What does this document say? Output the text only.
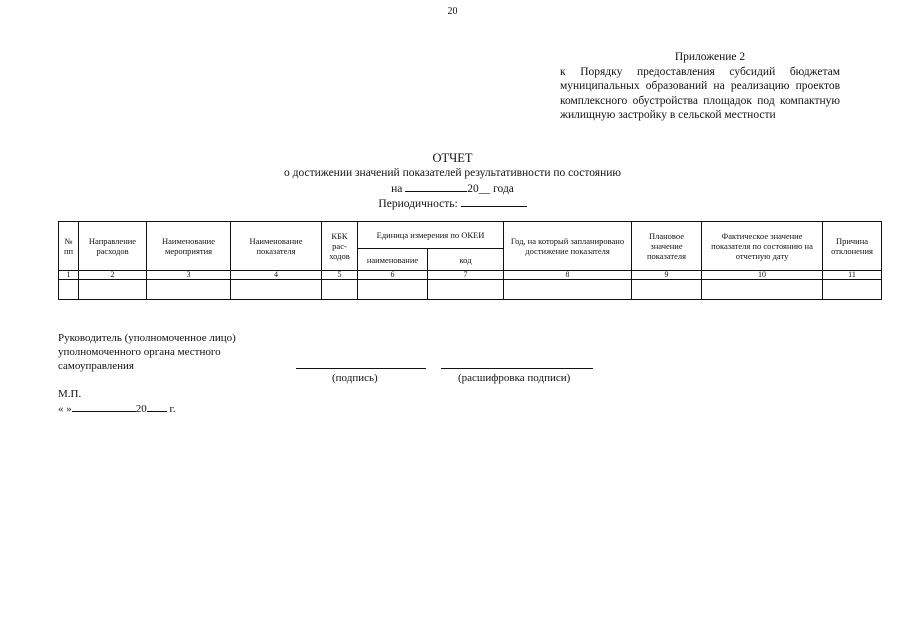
20
Приложение 2
к Порядку предоставления субсидий бюджетам муниципальных образований на реализацию проектов комплексного обустройства площадок под компактную жилищную застройку в сельской местности
ОТЧЕТ
о достижении значений показателей результативности по состоянию
на	20__ года
Периодичность:
№ пп	Направление расходов	Наименование мероприятия	Наименование показателя	КБК рас-ходов	Единица измерения по ОКЕИ		Год, на который запланировано достижение показателя	Плановое значение показателя	Фактическое значение показателя по состоянию на отчетную дату	Причина отклонения
					наименование	код				
1	2	3	4	5	6	7	8	9	10	11

Руководитель (уполномоченное лицо) уполномоченного органа местного самоуправления
(подпись)	(расшифровка подписи)
М.П.
« »	20 г.
